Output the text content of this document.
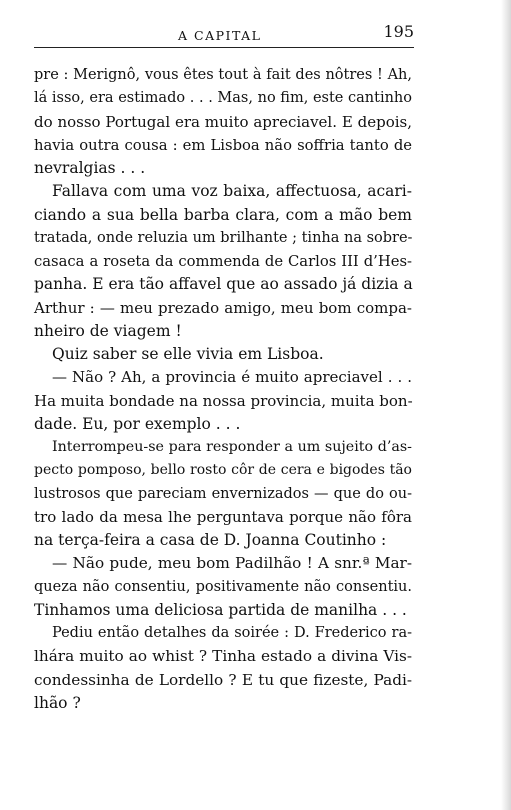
A CAPITAL	195
pre : Merignô, vous êtes tout à fait des nôtres ! Ah,
lá isso, era estimado . . . Mas, no fim, este cantinho
do nosso Portugal era muito apreciavel. E depois,
havia outra cousa : em Lisboa não soffria tanto de
nevralgias . . .
Fallava com uma voz baixa, affectuosa, acari-
ciando a sua bella barba clara, com a mão bem
tratada, onde reluzia um brilhante ; tinha na sobre-
casaca a roseta da commenda de Carlos III d’Hes-
panha. E era tão affavel que ao assado já dizia a
Arthur : — meu prezado amigo, meu bom compa-
nheiro de viagem !
Quiz saber se elle vivia em Lisboa.
— Não ? Ah, a provincia é muito apreciavel . . .
Ha muita bondade na nossa provincia, muita bon-
dade. Eu, por exemplo . . .
Interrompeu-se para responder a um sujeito d’as-
pecto pomposo, bello rosto côr de cera e bigodes tão
lustrosos que pareciam envernizados — que do ou-
tro lado da mesa lhe perguntava porque não fôra
na terça-feira a casa de D. Joanna Coutinho :
— Não pude, meu bom Padilhão ! A snr.ª Mar-
queza não consentiu, positivamente não consentiu.
Tinhamos uma deliciosa partida de manilha . . .
Pediu então detalhes da soirée : D. Frederico ra-
lhára muito ao whist ? Tinha estado a divina Vis-
condessinha de Lordello ? E tu que fizeste, Padi-
lhão ?
